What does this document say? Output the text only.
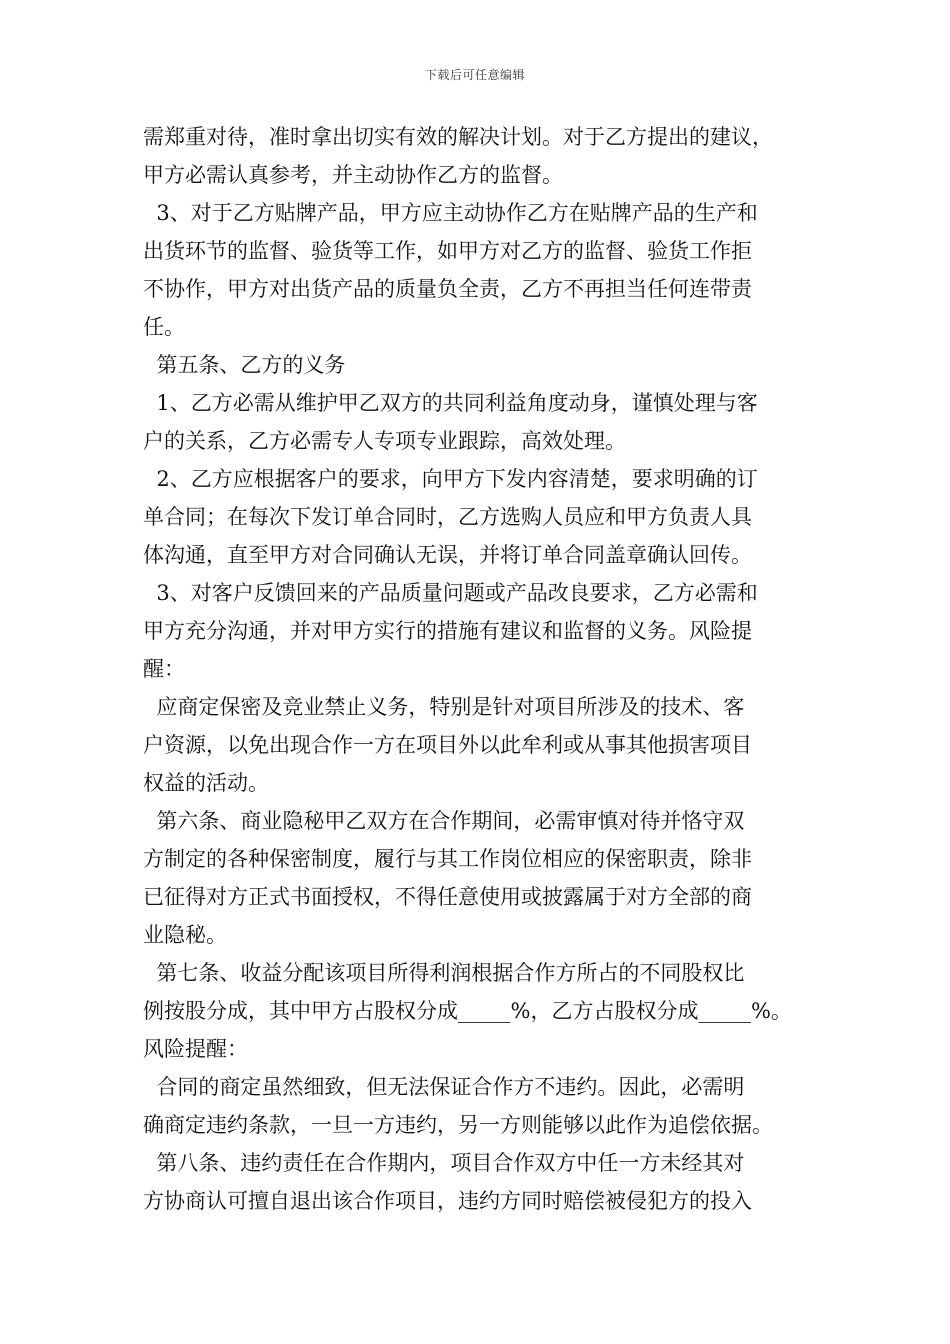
下载后可任意编辑
需郑重对待，准时拿出切实有效的解决计划。对于乙方提出的建议，
甲方必需认真参考，并主动协作乙方的监督。
3、对于乙方贴牌产品，甲方应主动协作乙方在贴牌产品的生产和
出货环节的监督、验货等工作，如甲方对乙方的监督、验货工作拒
不协作，甲方对出货产品的质量负全责，乙方不再担当任何连带责
任。
第五条、乙方的义务
1、乙方必需从维护甲乙双方的共同利益角度动身，谨慎处理与客
户的关系，乙方必需专人专项专业跟踪，高效处理。
2、乙方应根据客户的要求，向甲方下发内容清楚，要求明确的订
单合同；在每次下发订单合同时，乙方选购人员应和甲方负责人具
体沟通，直至甲方对合同确认无误，并将订单合同盖章确认回传。
3、对客户反馈回来的产品质量问题或产品改良要求，乙方必需和
甲方充分沟通，并对甲方实行的措施有建议和监督的义务。风险提
醒：
应商定保密及竞业禁止义务，特别是针对项目所涉及的技术、客
户资源，以免出现合作一方在项目外以此牟利或从事其他损害项目
权益的活动。
第六条、商业隐秘甲乙双方在合作期间，必需审慎对待并恪守双
方制定的各种保密制度，履行与其工作岗位相应的保密职责，除非
已征得对方正式书面授权，不得任意使用或披露属于对方全部的商
业隐秘。
第七条、收益分配该项目所得利润根据合作方所占的不同股权比
例按股分成，其中甲方占股权分成_____%，乙方占股权分成_____%。
风险提醒：
合同的商定虽然细致，但无法保证合作方不违约。因此，必需明
确商定违约条款，一旦一方违约，另一方则能够以此作为追偿依据。
第八条、违约责任在合作期内，项目合作双方中任一方未经其对
方协商认可擅自退出该合作项目，违约方同时赔偿被侵犯方的投入
